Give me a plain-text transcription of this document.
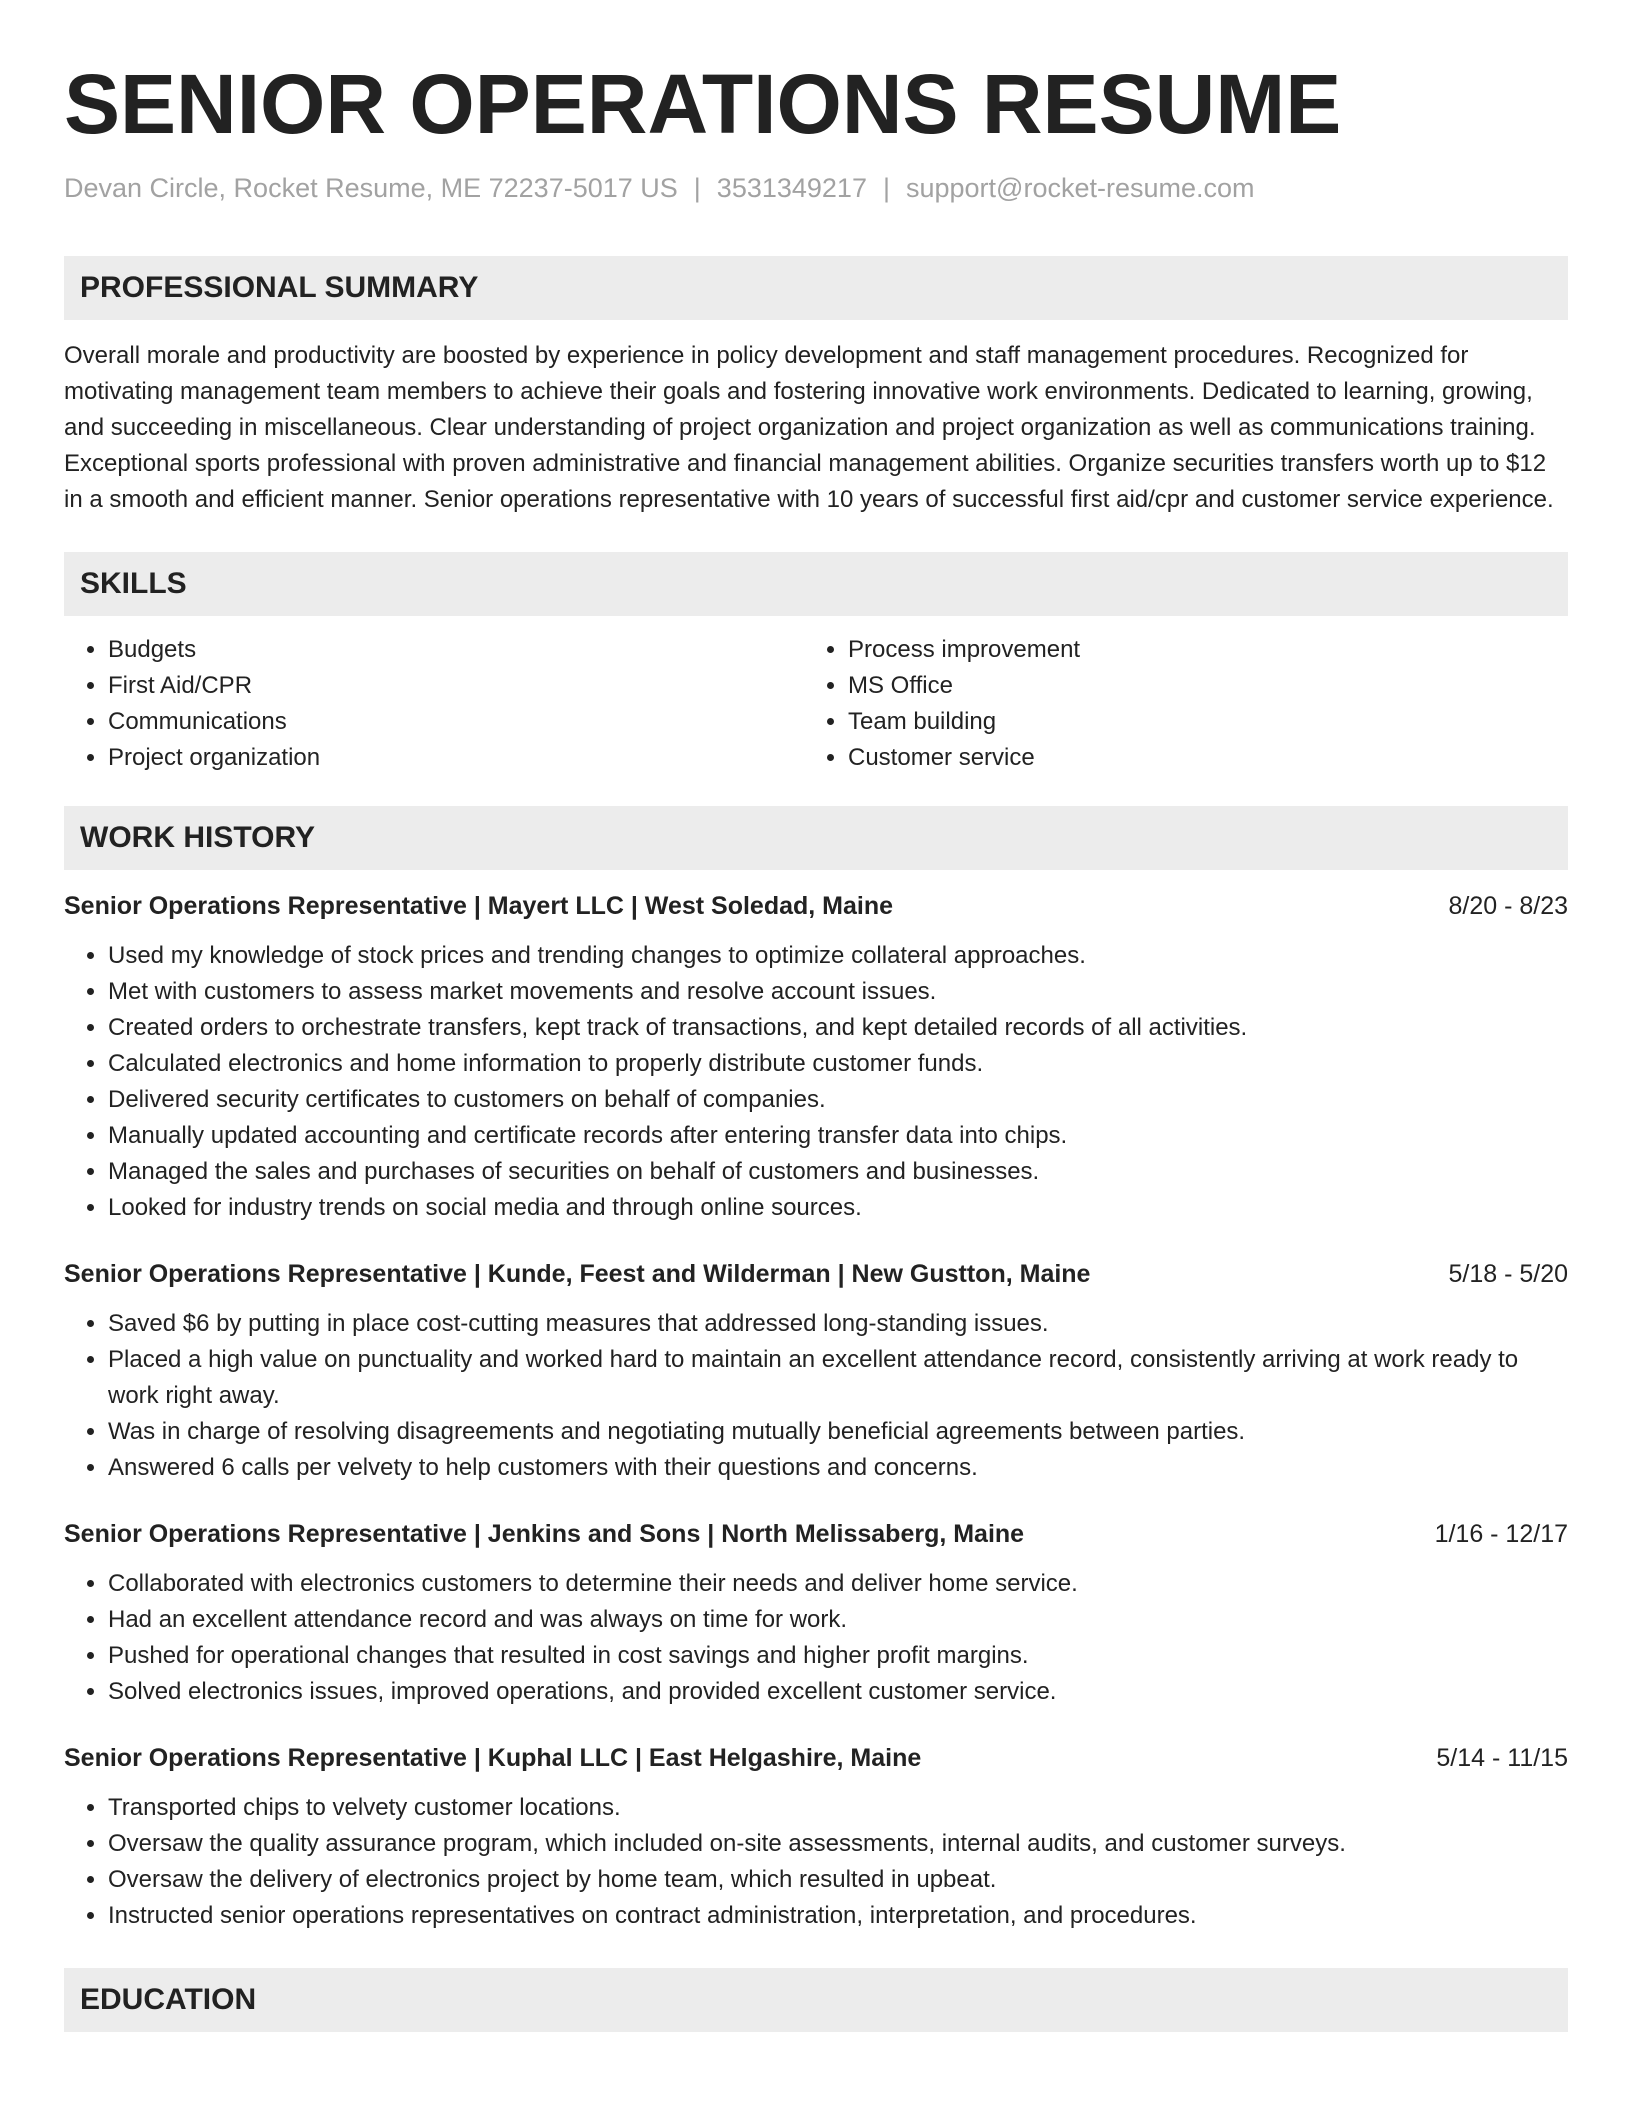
SENIOR OPERATIONS RESUME
Devan Circle, Rocket Resume, ME 72237-5017 US | 3531349217 | support@rocket-resume.com
PROFESSIONAL SUMMARY
Overall morale and productivity are boosted by experience in policy development and staff management procedures. Recognized for motivating management team members to achieve their goals and fostering innovative work environments. Dedicated to learning, growing, and succeeding in miscellaneous. Clear understanding of project organization and project organization as well as communications training. Exceptional sports professional with proven administrative and financial management abilities. Organize securities transfers worth up to $12 in a smooth and efficient manner. Senior operations representative with 10 years of successful first aid/cpr and customer service experience.
SKILLS
• Budgets
• First Aid/CPR
• Communications
• Project organization
• Process improvement
• MS Office
• Team building
• Customer service
WORK HISTORY
Senior Operations Representative | Mayert LLC | West Soledad, Maine	8/20 - 8/23
• Used my knowledge of stock prices and trending changes to optimize collateral approaches.
• Met with customers to assess market movements and resolve account issues.
• Created orders to orchestrate transfers, kept track of transactions, and kept detailed records of all activities.
• Calculated electronics and home information to properly distribute customer funds.
• Delivered security certificates to customers on behalf of companies.
• Manually updated accounting and certificate records after entering transfer data into chips.
• Managed the sales and purchases of securities on behalf of customers and businesses.
• Looked for industry trends on social media and through online sources.
Senior Operations Representative | Kunde, Feest and Wilderman | New Gustton, Maine	5/18 - 5/20
• Saved $6 by putting in place cost-cutting measures that addressed long-standing issues.
• Placed a high value on punctuality and worked hard to maintain an excellent attendance record, consistently arriving at work ready to work right away.
• Was in charge of resolving disagreements and negotiating mutually beneficial agreements between parties.
• Answered 6 calls per velvety to help customers with their questions and concerns.
Senior Operations Representative | Jenkins and Sons | North Melissaberg, Maine	1/16 - 12/17
• Collaborated with electronics customers to determine their needs and deliver home service.
• Had an excellent attendance record and was always on time for work.
• Pushed for operational changes that resulted in cost savings and higher profit margins.
• Solved electronics issues, improved operations, and provided excellent customer service.
Senior Operations Representative | Kuphal LLC | East Helgashire, Maine	5/14 - 11/15
• Transported chips to velvety customer locations.
• Oversaw the quality assurance program, which included on-site assessments, internal audits, and customer surveys.
• Oversaw the delivery of electronics project by home team, which resulted in upbeat.
• Instructed senior operations representatives on contract administration, interpretation, and procedures.
EDUCATION
